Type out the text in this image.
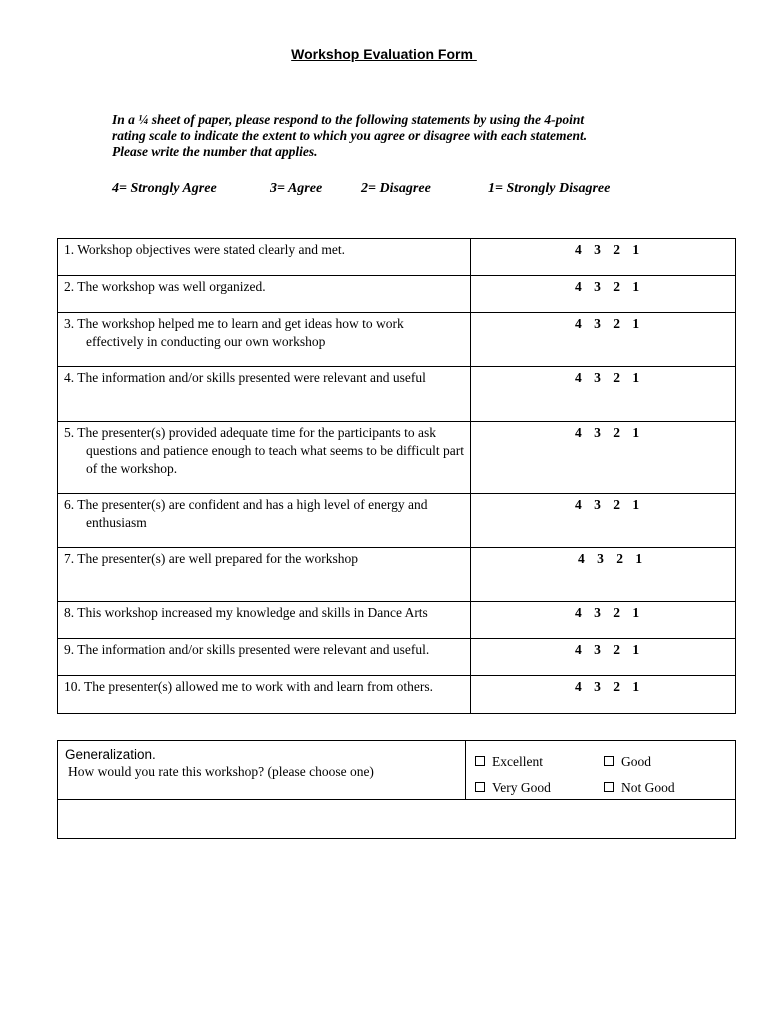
Workshop Evaluation Form
In a ¼ sheet of paper, please respond to the following statements by using the 4-point
rating scale to indicate the extent to which you agree or disagree with each statement.
Please write the number that applies.
4= Strongly Agree	3= Agree	2= Disagree	1= Strongly Disagree
1. Workshop objectives were stated clearly and met.	4 3 2 1

2. The workshop was well organized.	4 3 2 1

3. The workshop helped me to learn and get ideas how to work effectively in conducting our own workshop	4 3 2 1

4. The information and/or skills presented were relevant and useful	4 3 2 1

5. The presenter(s) provided adequate time for the participants to ask questions and patience enough to teach what seems to be difficult part of the workshop.	4 3 2 1

6. The presenter(s) are confident and has a high level of energy and enthusiasm	4 3 2 1

7. The presenter(s) are well prepared for the workshop	4 3 2 1

8. This workshop increased my knowledge and skills in Dance Arts	4 3 2 1

9. The information and/or skills presented were relevant and useful.	4 3 2 1

10. The presenter(s) allowed me to work with and learn from others.	4 3 2 1
Generalization.
How would you rate this workshop? (please choose one)

Excellent	Good
Very Good	Not Good
